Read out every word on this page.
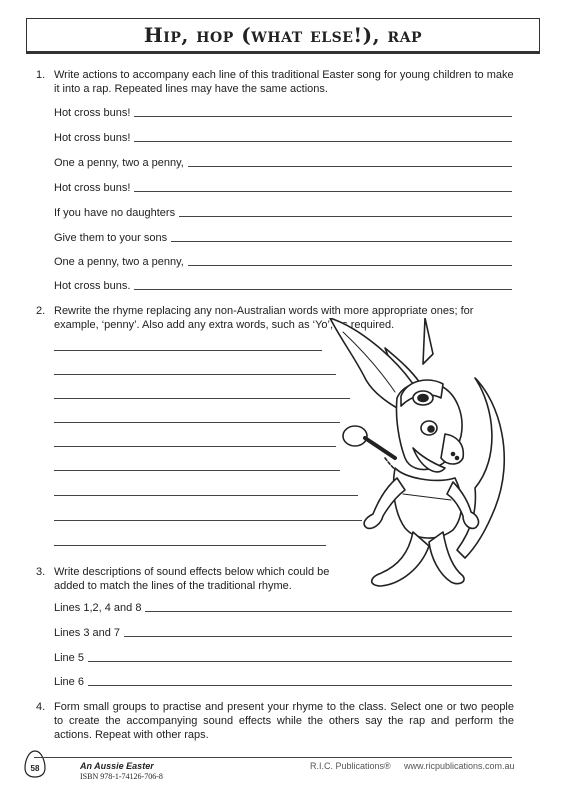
Hip, hop (what else!), rap
1. Write actions to accompany each line of this traditional Easter song for young children to make it into a rap. Repeated lines may have the same actions.
Hot cross buns!
Hot cross buns!
One a penny, two a penny,
Hot cross buns!
If you have no daughters
Give them to your sons
One a penny, two a penny,
Hot cross buns.
2. Rewrite the rhyme replacing any non-Australian words with more appropriate ones; for example, ‘penny’. Also add any extra words, such as ‘Yo’, as required.
3. Write descriptions of sound effects below which could be added to match the lines of the traditional rhyme.
Lines 1,2, 4 and 8
Lines 3 and 7
Line 5
Line 6
4. Form small groups to practise and present your rhyme to the class. Select one or two people to create the accompanying sound effects while the others say the rap and perform the actions. Repeat with other raps.
58	An Aussie Easter
ISBN 978-1-74126-706-8
R.I.C. Publications® www.ricpublications.com.au
